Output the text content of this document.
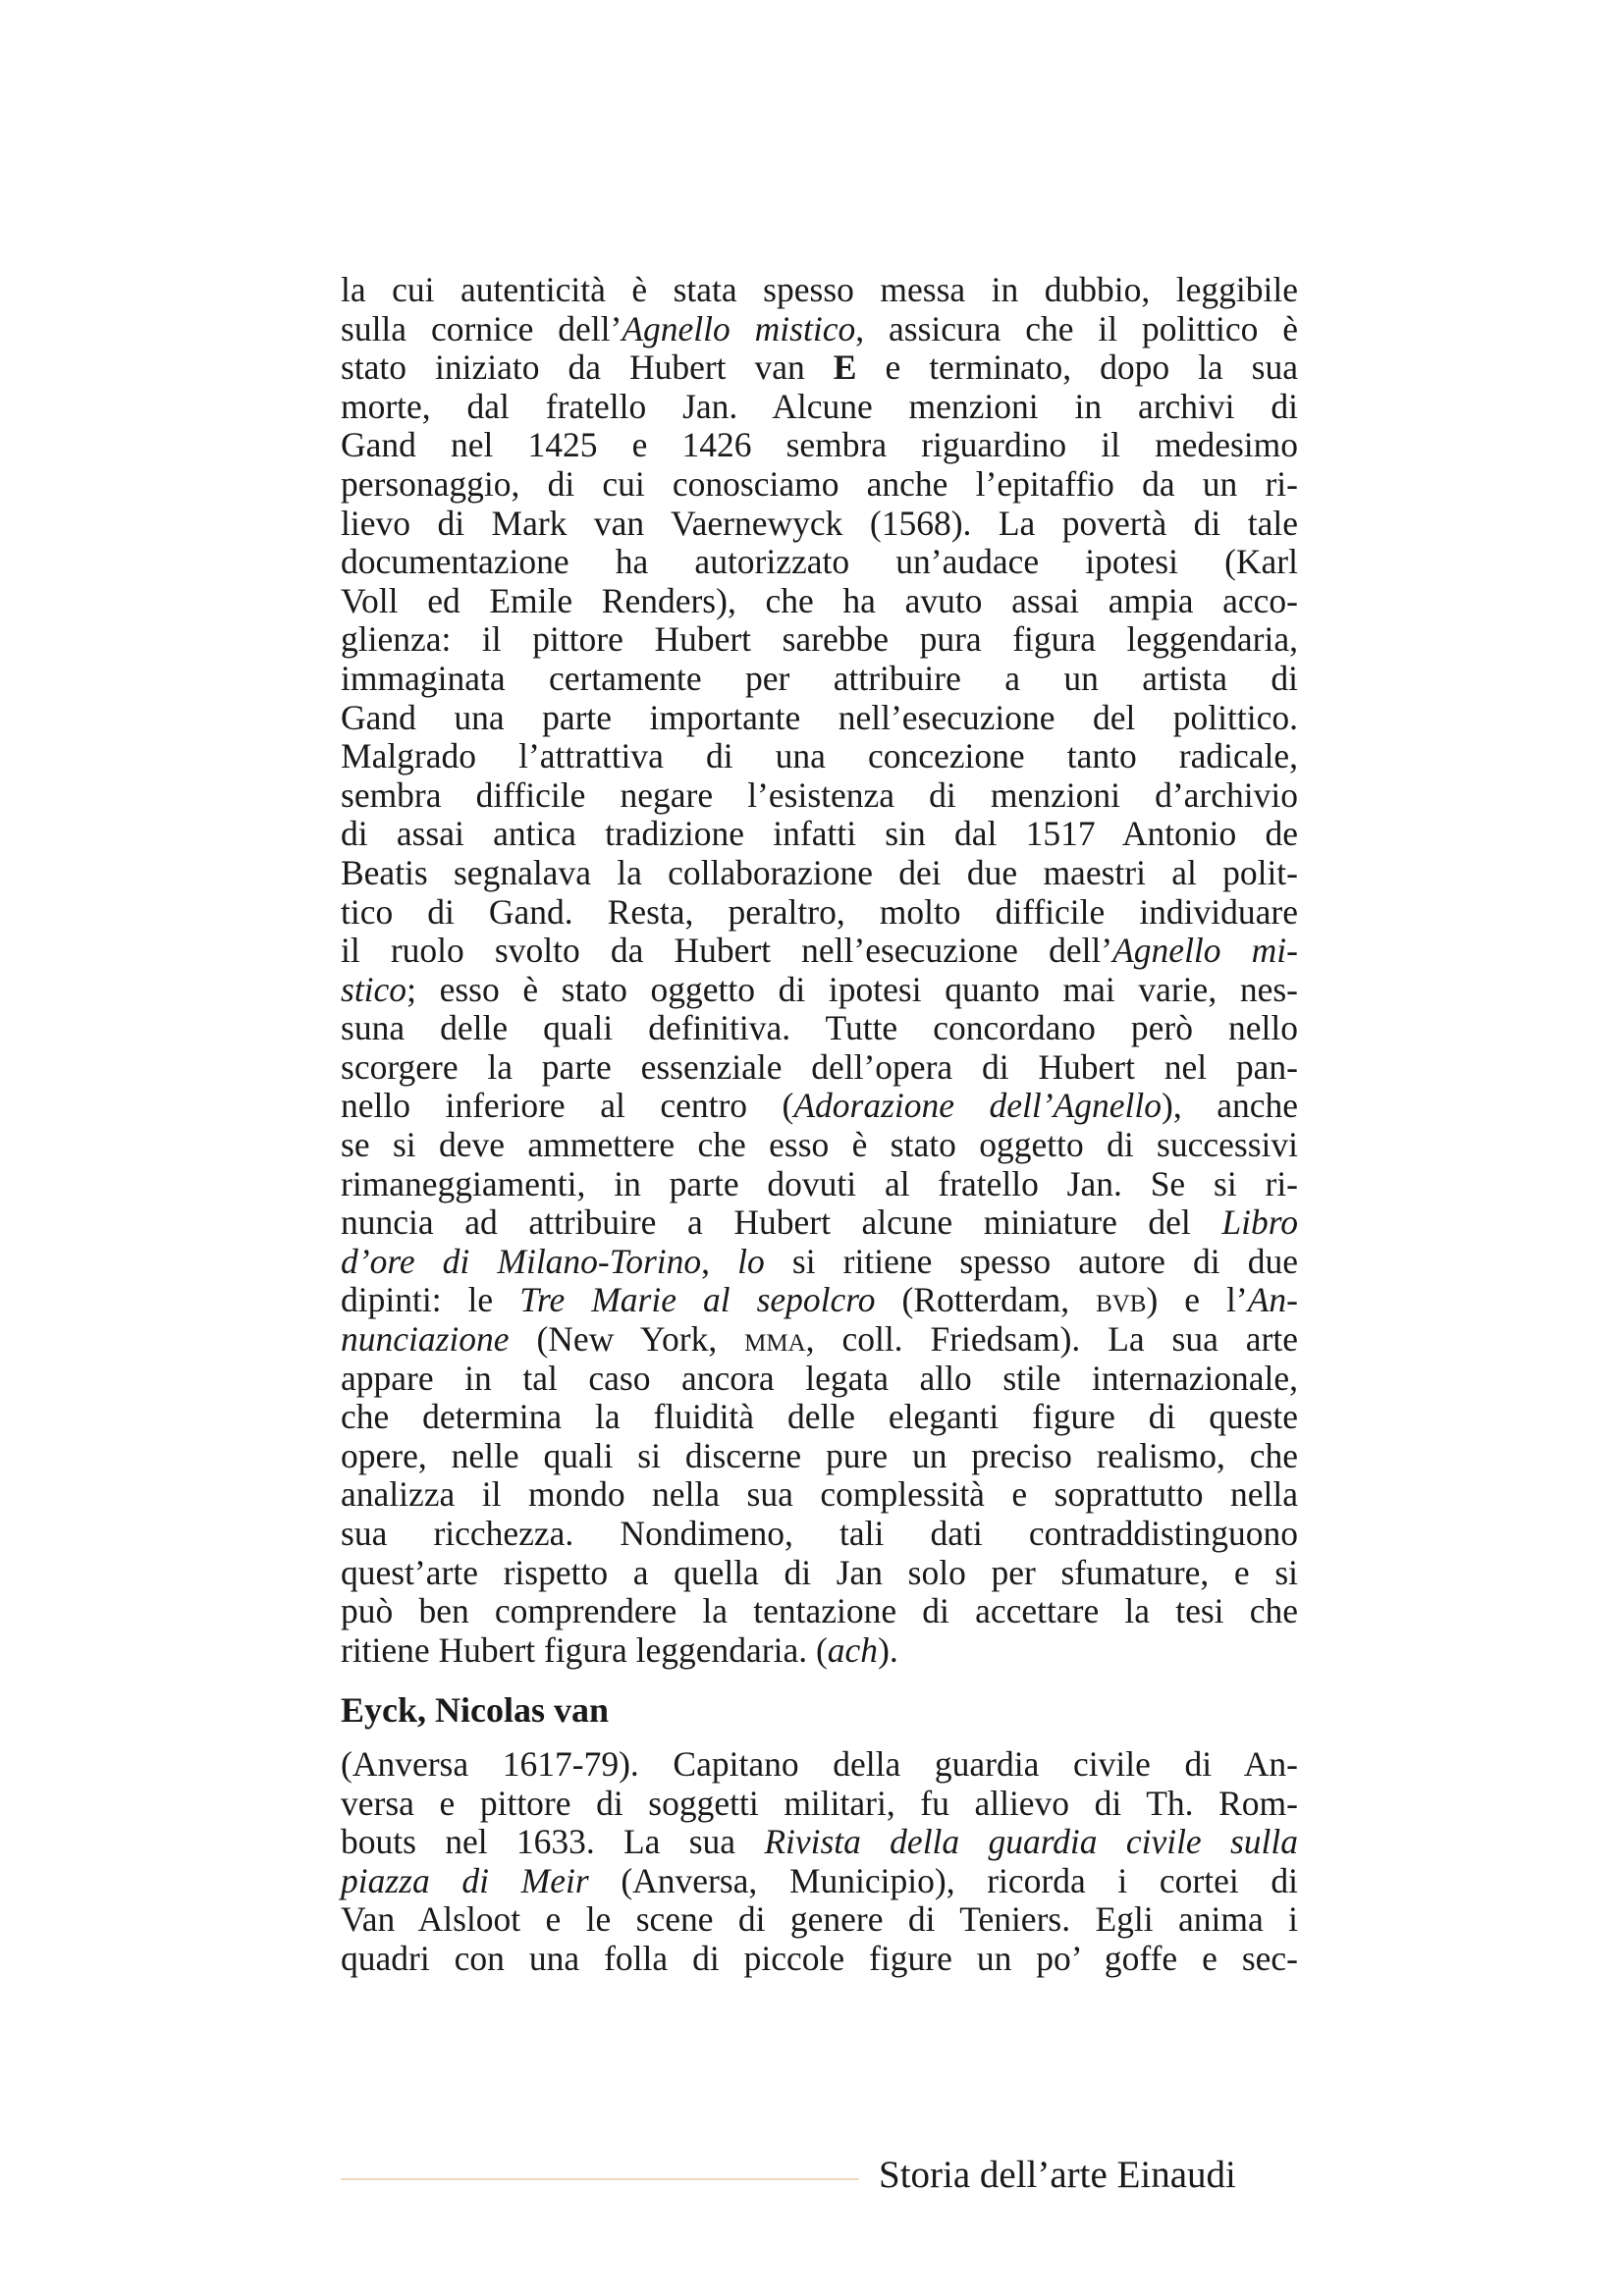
la cui autenticità è stata spesso messa in dubbio, leggibile
sulla cornice dell’Agnello mistico, assicura che il polittico è
stato iniziato da Hubert van E e terminato, dopo la sua
morte, dal fratello Jan. Alcune menzioni in archivi di
Gand nel 1425 e 1426 sembra riguardino il medesimo
personaggio, di cui conosciamo anche l’epitaffio da un ri-
lievo di Mark van Vaernewyck (1568). La povertà di tale
documentazione ha autorizzato un’audace ipotesi (Karl
Voll ed Emile Renders), che ha avuto assai ampia acco-
glienza: il pittore Hubert sarebbe pura figura leggendaria,
immaginata certamente per attribuire a un artista di
Gand una parte importante nell’esecuzione del polittico.
Malgrado l’attrattiva di una concezione tanto radicale,
sembra difficile negare l’esistenza di menzioni d’archivio
di assai antica tradizione infatti sin dal 1517 Antonio de
Beatis segnalava la collaborazione dei due maestri al polit-
tico di Gand. Resta, peraltro, molto difficile individuare
il ruolo svolto da Hubert nell’esecuzione dell’Agnello mi-
stico; esso è stato oggetto di ipotesi quanto mai varie, nes-
suna delle quali definitiva. Tutte concordano però nello
scorgere la parte essenziale dell’opera di Hubert nel pan-
nello inferiore al centro (Adorazione dell’Agnello), anche
se si deve ammettere che esso è stato oggetto di successivi
rimaneggiamenti, in parte dovuti al fratello Jan. Se si ri-
nuncia ad attribuire a Hubert alcune miniature del Libro
d’ore di Milano-Torino, lo si ritiene spesso autore di due
dipinti: le Tre Marie al sepolcro (Rotterdam, bvb) e l’An-
nunciazione (New York, mma, coll. Friedsam). La sua arte
appare in tal caso ancora legata allo stile internazionale,
che determina la fluidità delle eleganti figure di queste
opere, nelle quali si discerne pure un preciso realismo, che
analizza il mondo nella sua complessità e soprattutto nella
sua ricchezza. Nondimeno, tali dati contraddistinguono
quest’arte rispetto a quella di Jan solo per sfumature, e si
può ben comprendere la tentazione di accettare la tesi che
ritiene Hubert figura leggendaria. (ach).
Eyck, Nicolas van
(Anversa 1617-79). Capitano della guardia civile di An-
versa e pittore di soggetti militari, fu allievo di Th. Rom-
bouts nel 1633. La sua Rivista della guardia civile sulla
piazza di Meir (Anversa, Municipio), ricorda i cortei di
Van Alsloot e le scene di genere di Teniers. Egli anima i
quadri con una folla di piccole figure un po’ goffe e sec-
Storia dell’arte Einaudi
